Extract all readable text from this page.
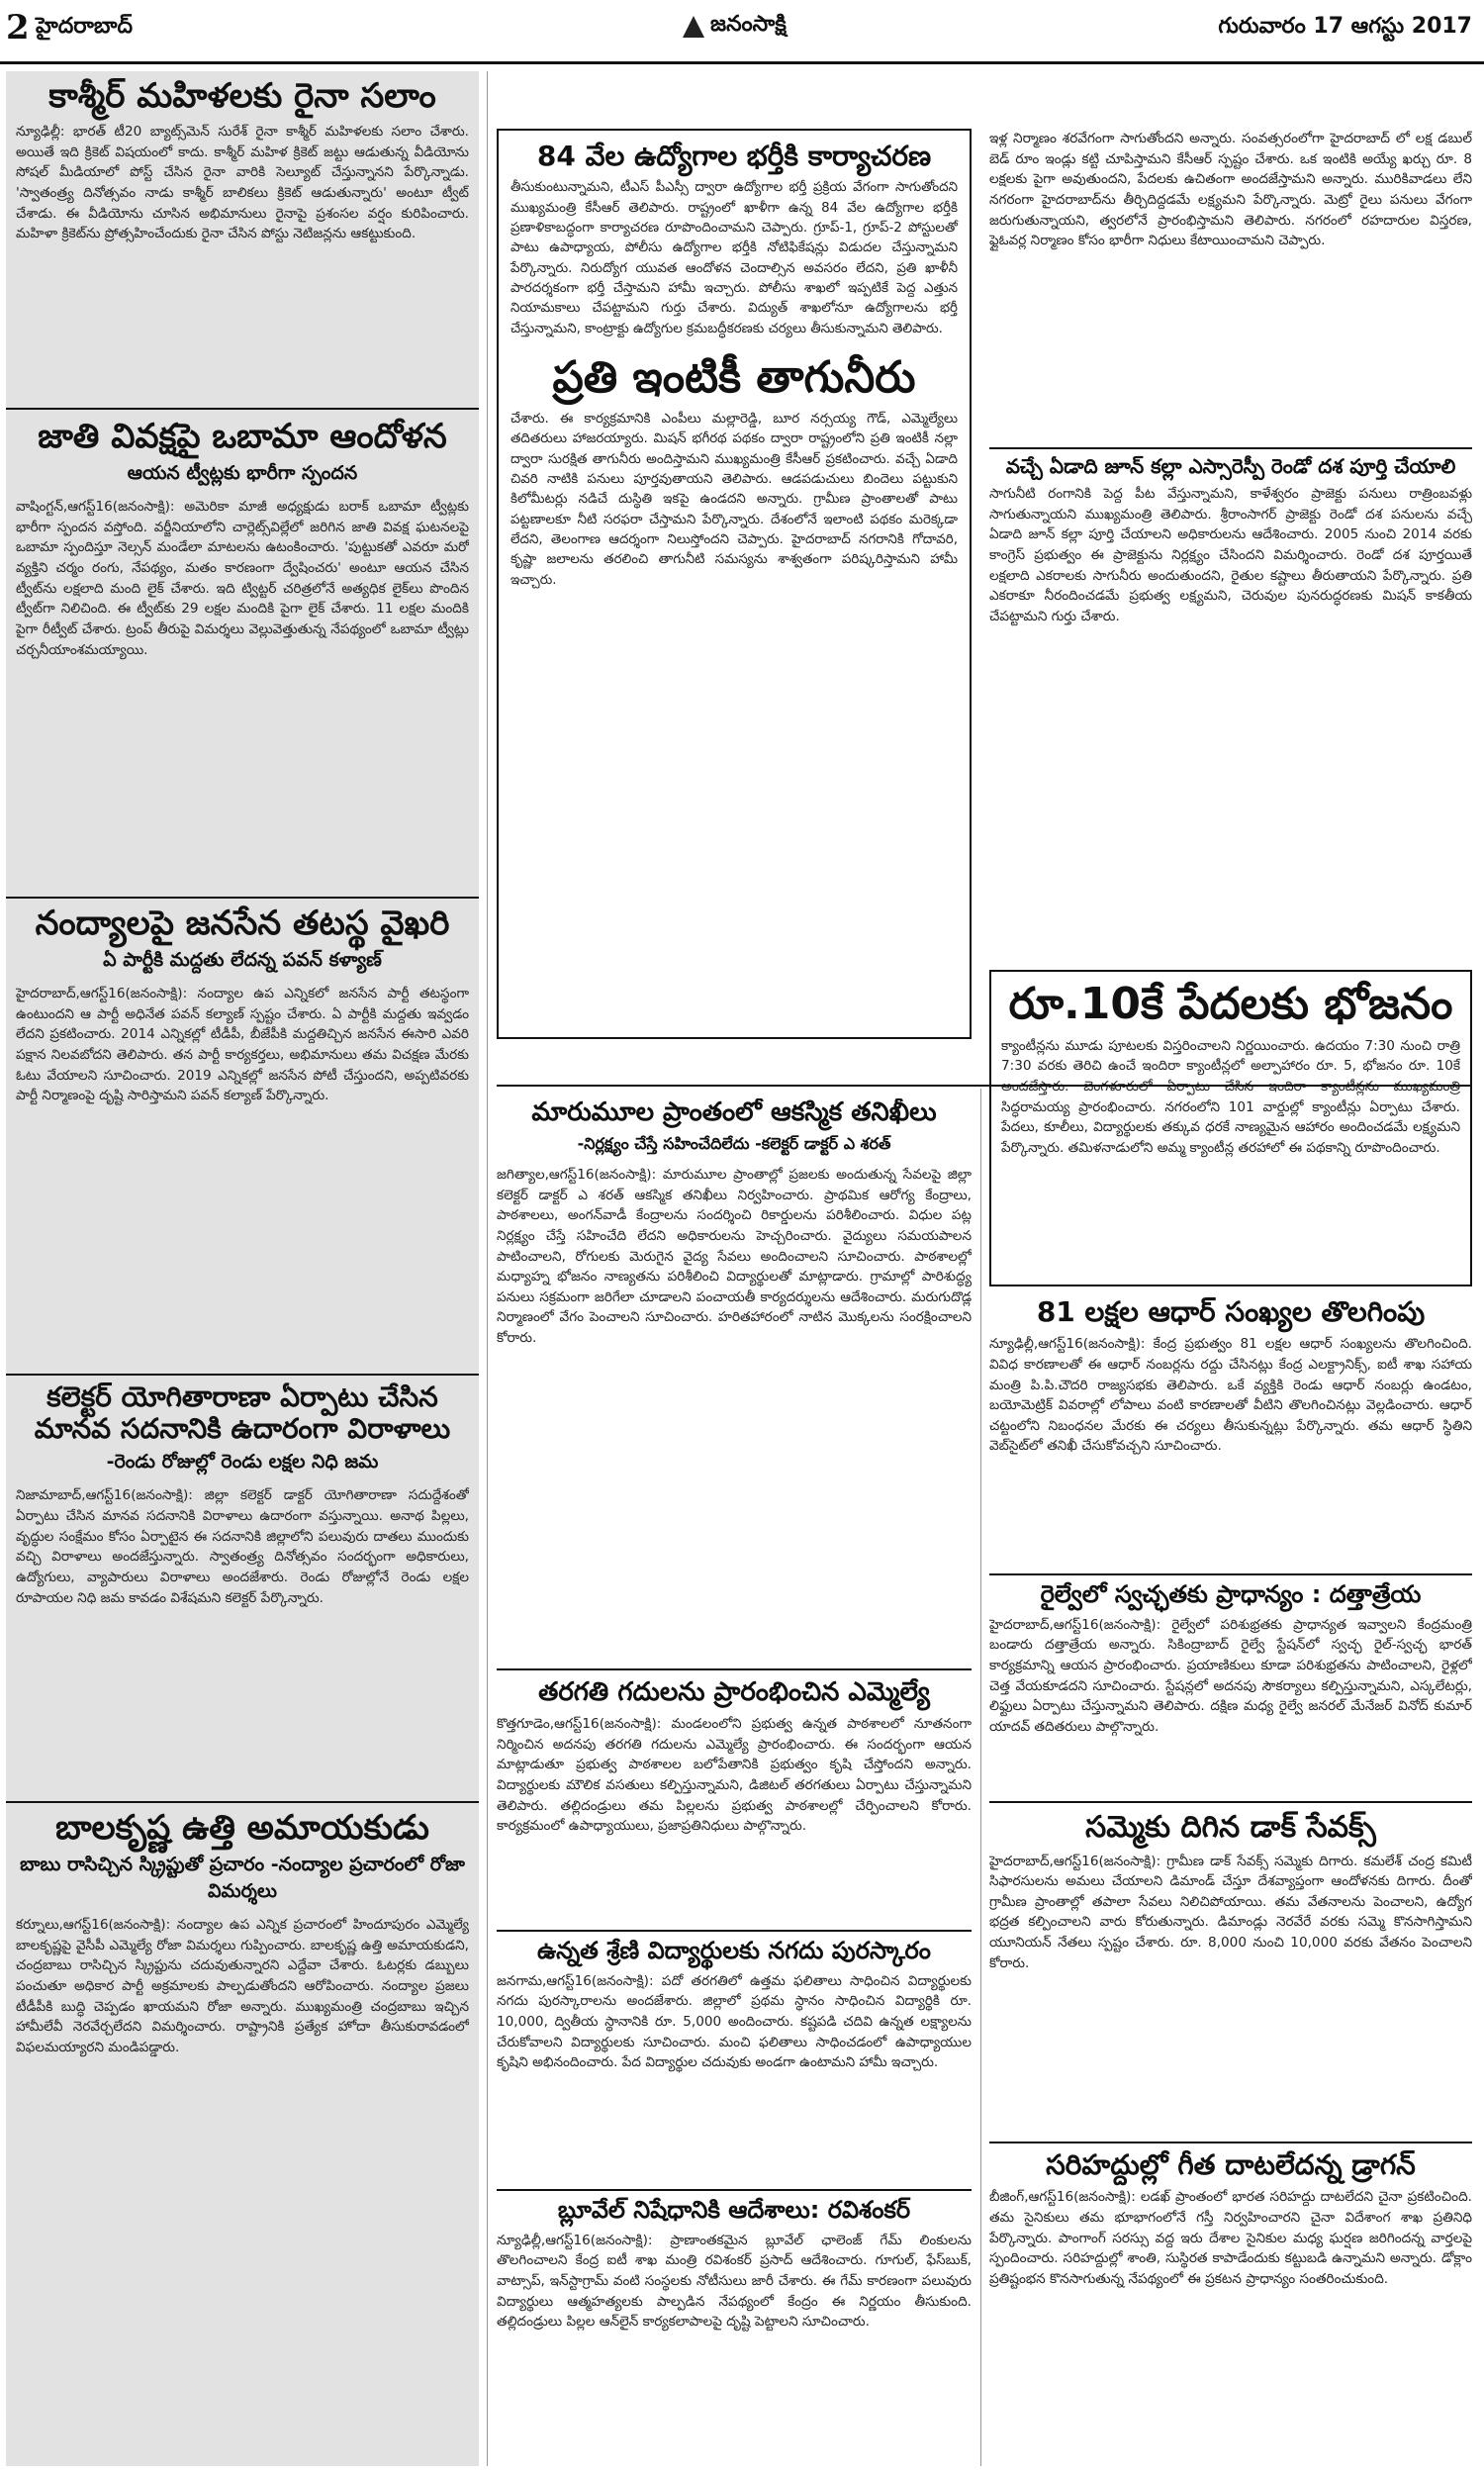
2 హైదరాబాద్	జనంసాక్షి	గురువారం 17 ఆగస్టు 2017
కాశ్మీర్ మహిళలకు రైనా సలాం
న్యూఢిల్లీ: భారత్ టీ20 బ్యాట్స్‌మెన్ సురేశ్ రైనా కాశ్మీర్ మహిళలకు సలాం చేశారు. అయితే ఇది క్రికెట్ విషయంలో కాదు. కాశ్మీర్ మహిళ క్రికెట్ జట్టు ఆడుతున్న వీడియోను సోషల్ మీడియాలో పోస్ట్ చేసిన రైనా వారికి సెల్యూట్ చేస్తున్నానని పేర్కొన్నాడు. 'స్వాతంత్ర్య దినోత్సవం నాడు కాశ్మీర్ బాలికలు క్రికెట్ ఆడుతున్నారు' అంటూ ట్వీట్ చేశాడు. ఈ వీడియోను చూసిన అభిమానులు రైనాపై ప్రశంసల వర్షం కురిపించారు. మహిళా క్రికెట్‌ను ప్రోత్సహించేందుకు రైనా చేసిన పోస్టు నెటిజన్లను ఆకట్టుకుంది.
జాతి వివక్షపై ఒబామా ఆందోళన
ఆయన ట్వీట్లకు భారీగా స్పందన
వాషింగ్టన్,ఆగస్ట్16(జనంసాక్షి): అమెరికా మాజీ అధ్యక్షుడు బరాక్ ఒబామా ట్వీట్లకు భారీగా స్పందన వస్తోంది. వర్జీనియాలోని చార్లెట్స్‌విల్లేలో జరిగిన జాతి వివక్ష ఘటనలపై ఒబామా స్పందిస్తూ నెల్సన్ మండేలా మాటలను ఉటంకించారు. 'పుట్టుకతో ఎవరూ మరో వ్యక్తిని చర్మం రంగు, నేపథ్యం, మతం కారణంగా ద్వేషించరు' అంటూ ఆయన చేసిన ట్వీట్‌ను లక్షలాది మంది లైక్ చేశారు. ఇది ట్విట్టర్ చరిత్రలోనే అత్యధిక లైక్‌లు పొందిన ట్వీట్‌గా నిలిచింది. ఈ ట్వీట్‌కు 29 లక్షల మందికి పైగా లైక్ చేశారు. 11 లక్షల మందికి పైగా రీట్వీట్ చేశారు. ట్రంప్ తీరుపై విమర్శలు వెల్లువెత్తుతున్న నేపథ్యంలో ఒబామా ట్వీట్లు చర్చనీయాంశమయ్యాయి.
నంద్యాలపై జనసేన తటస్థ వైఖరి
ఏ పార్టీకి మద్దతు లేదన్న పవన్ కళ్యాణ్
హైదరాబాద్,ఆగస్ట్16(జనంసాక్షి): నంద్యాల ఉప ఎన్నికలో జనసేన పార్టీ తటస్థంగా ఉంటుందని ఆ పార్టీ అధినేత పవన్ కల్యాణ్ స్పష్టం చేశారు. ఏ పార్టీకి మద్దతు ఇవ్వడం లేదని ప్రకటించారు. 2014 ఎన్నికల్లో టీడీపీ, బీజేపీకి మద్దతిచ్చిన జనసేన ఈసారి ఎవరి పక్షాన నిలవబోదని తెలిపారు. తన పార్టీ కార్యకర్తలు, అభిమానులు తమ విచక్షణ మేరకు ఓటు వేయాలని సూచించారు. 2019 ఎన్నికల్లో జనసేన పోటీ చేస్తుందని, అప్పటివరకు పార్టీ నిర్మాణంపై దృష్టి సారిస్తామని పవన్ కల్యాణ్ పేర్కొన్నారు.
కలెక్టర్ యోగితారాణా ఏర్పాటు చేసిన మానవ సదనానికి ఉదారంగా విరాళాలు
-రెండు రోజుల్లో రెండు లక్షల నిధి జమ
నిజామాబాద్,ఆగస్ట్16(జనంసాక్షి): జిల్లా కలెక్టర్ డాక్టర్ యోగితారాణా సదుద్దేశంతో ఏర్పాటు చేసిన మానవ సదనానికి విరాళాలు ఉదారంగా వస్తున్నాయి. అనాథ పిల్లలు, వృద్ధుల సంక్షేమం కోసం ఏర్పాటైన ఈ సదనానికి జిల్లాలోని పలువురు దాతలు ముందుకు వచ్చి విరాళాలు అందజేస్తున్నారు. స్వాతంత్ర్య దినోత్సవం సందర్భంగా అధికారులు, ఉద్యోగులు, వ్యాపారులు విరాళాలు అందజేశారు. రెండు రోజుల్లోనే రెండు లక్షల రూపాయల నిధి జమ కావడం విశేషమని కలెక్టర్ పేర్కొన్నారు.
బాలకృష్ణ ఉత్తి అమాయకుడు
బాబు రాసిచ్చిన స్క్రిప్టుతో ప్రచారం -నంద్యాల ప్రచారంలో రోజా విమర్శలు
కర్నూలు,ఆగస్ట్16(జనంసాక్షి): నంద్యాల ఉప ఎన్నిక ప్రచారంలో హిందూపురం ఎమ్మెల్యే బాలకృష్ణపై వైసీపీ ఎమ్మెల్యే రోజా విమర్శలు గుప్పించారు. బాలకృష్ణ ఉత్తి అమాయకుడని, చంద్రబాబు రాసిచ్చిన స్క్రిప్టును చదువుతున్నారని ఎద్దేవా చేశారు. ఓటర్లకు డబ్బులు పంచుతూ అధికార పార్టీ అక్రమాలకు పాల్పడుతోందని ఆరోపించారు. నంద్యాల ప్రజలు టీడీపీకి బుద్ధి చెప్పడం ఖాయమని రోజా అన్నారు. ముఖ్యమంత్రి చంద్రబాబు ఇచ్చిన హామీలేవీ నెరవేర్చలేదని విమర్శించారు. రాష్ట్రానికి ప్రత్యేక హోదా తీసుకురావడంలో విఫలమయ్యారని మండిపడ్డారు.
84 వేల ఉద్యోగాల భర్తీకి కార్యాచరణ
తీసుకుంటున్నామని, టీఎస్ పీఎస్సీ ద్వారా ఉద్యోగాల భర్తీ ప్రక్రియ వేగంగా సాగుతోందని ముఖ్యమంత్రి కేసీఆర్ తెలిపారు. రాష్ట్రంలో ఖాళీగా ఉన్న 84 వేల ఉద్యోగాల భర్తీకి ప్రణాళికాబద్ధంగా కార్యాచరణ రూపొందించామని చెప్పారు. గ్రూప్-1, గ్రూప్-2 పోస్టులతో పాటు ఉపాధ్యాయ, పోలీసు ఉద్యోగాల భర్తీకి నోటిఫికేషన్లు విడుదల చేస్తున్నామని పేర్కొన్నారు. నిరుద్యోగ యువత ఆందోళన చెందాల్సిన అవసరం లేదని, ప్రతి ఖాళీనీ పారదర్శకంగా భర్తీ చేస్తామని హామీ ఇచ్చారు. పోలీసు శాఖలో ఇప్పటికే పెద్ద ఎత్తున నియామకాలు చేపట్టామని గుర్తు చేశారు. విద్యుత్ శాఖలోనూ ఉద్యోగాలను భర్తీ చేస్తున్నామని, కాంట్రాక్టు ఉద్యోగుల క్రమబద్ధీకరణకు చర్యలు తీసుకున్నామని తెలిపారు.
ప్రతి ఇంటికీ తాగునీరు
చేశారు. ఈ కార్యక్రమానికి ఎంపీలు మల్లారెడ్డి, బూర నర్సయ్య గౌడ్, ఎమ్మెల్యేలు తదితరులు హాజరయ్యారు. మిషన్ భగీరథ పథకం ద్వారా రాష్ట్రంలోని ప్రతి ఇంటికీ నల్లా ద్వారా సురక్షిత తాగునీరు అందిస్తామని ముఖ్యమంత్రి కేసీఆర్ ప్రకటించారు. వచ్చే ఏడాది చివరి నాటికి పనులు పూర్తవుతాయని తెలిపారు. ఆడపడుచులు బిందెలు పట్టుకుని కిలోమీటర్లు నడిచే దుస్థితి ఇకపై ఉండదని అన్నారు. గ్రామీణ ప్రాంతాలతో పాటు పట్టణాలకూ నీటి సరఫరా చేస్తామని పేర్కొన్నారు. దేశంలోనే ఇలాంటి పథకం మరెక్కడా లేదని, తెలంగాణ ఆదర్శంగా నిలుస్తోందని చెప్పారు. హైదరాబాద్ నగరానికి గోదావరి, కృష్ణా జలాలను తరలించి తాగునీటి సమస్యను శాశ్వతంగా పరిష్కరిస్తామని హామీ ఇచ్చారు.
ఇళ్ల నిర్మాణం శరవేగంగా సాగుతోందని అన్నారు. సంవత్సరంలోగా హైదరాబాద్ లో లక్ష డబుల్ బెడ్ రూం ఇండ్లు కట్టి చూపిస్తామని కేసీఆర్ స్పష్టం చేశారు. ఒక ఇంటికి అయ్యే ఖర్చు రూ. 8 లక్షలకు పైగా అవుతుందని, పేదలకు ఉచితంగా అందజేస్తామని అన్నారు. మురికివాడలు లేని నగరంగా హైదరాబాద్‌ను తీర్చిదిద్దడమే లక్ష్యమని పేర్కొన్నారు. మెట్రో రైలు పనులు వేగంగా జరుగుతున్నాయని, త్వరలోనే ప్రారంభిస్తామని తెలిపారు. నగరంలో రహదారుల విస్తరణ, ఫ్లైఓవర్ల నిర్మాణం కోసం భారీగా నిధులు కేటాయించామని చెప్పారు.
వచ్చే ఏడాది జూన్ కల్లా ఎస్సారెస్పీ రెండో దశ పూర్తి చేయాలి
సాగునీటి రంగానికి పెద్ద పీట వేస్తున్నామని, కాళేశ్వరం ప్రాజెక్టు పనులు రాత్రింబవళ్లు సాగుతున్నాయని ముఖ్యమంత్రి తెలిపారు. శ్రీరాంసాగర్ ప్రాజెక్టు రెండో దశ పనులను వచ్చే ఏడాది జూన్ కల్లా పూర్తి చేయాలని అధికారులను ఆదేశించారు. 2005 నుంచి 2014 వరకు కాంగ్రెస్ ప్రభుత్వం ఈ ప్రాజెక్టును నిర్లక్ష్యం చేసిందని విమర్శించారు. రెండో దశ పూర్తయితే లక్షలాది ఎకరాలకు సాగునీరు అందుతుందని, రైతుల కష్టాలు తీరుతాయని పేర్కొన్నారు. ప్రతి ఎకరాకూ నీరందించడమే ప్రభుత్వ లక్ష్యమని, చెరువుల పునరుద్ధరణకు మిషన్ కాకతీయ చేపట్టామని గుర్తు చేశారు.
రూ.10కే పేదలకు భోజనం
క్యాంటీన్లను మూడు పూటలకు విస్తరించాలని నిర్ణయించారు. ఉదయం 7:30 నుంచి రాత్రి 7:30 వరకు తెరిచి ఉంచే ఇందిరా క్యాంటీన్లలో అల్పాహారం రూ. 5, భోజనం రూ. 10కే సిద్ధరామయ్య ప్రారంభించారు. నగరంలోని 101 వార్డుల్లో క్యాంటీన్లు ఏర్పాటు చేశారు. పేదలు, కూలీలు, విద్యార్థులకు తక్కువ ధరకే నాణ్యమైన ఆహారం అందించడమే లక్ష్యమని పేర్కొన్నారు. తమిళనాడులోని అమ్మ క్యాంటీన్ల తరహాలో ఈ పథకాన్ని రూపొందించారు.
మారుమూల ప్రాంతంలో ఆకస్మిక తనిఖీలు
-నిర్లక్ష్యం చేస్తే సహించేదిలేదు -కలెక్టర్ డాక్టర్ ఎ శరత్
జగిత్యాల,ఆగస్ట్16(జనంసాక్షి): మారుమూల ప్రాంతాల్లో ప్రజలకు అందుతున్న సేవలపై జిల్లా కలెక్టర్ డాక్టర్ ఎ శరత్ ఆకస్మిక తనిఖీలు నిర్వహించారు. ప్రాథమిక ఆరోగ్య కేంద్రాలు, పాఠశాలలు, అంగన్‌వాడీ కేంద్రాలను సందర్శించి రికార్డులను పరిశీలించారు. విధుల పట్ల నిర్లక్ష్యం చేస్తే సహించేది లేదని అధికారులను హెచ్చరించారు. వైద్యులు సమయపాలన పాటించాలని, రోగులకు మెరుగైన వైద్య సేవలు అందించాలని సూచించారు. పాఠశాలల్లో మధ్యాహ్న భోజనం నాణ్యతను పరిశీలించి విద్యార్థులతో మాట్లాడారు. గ్రామాల్లో పారిశుద్ధ్య పనులు సక్రమంగా జరిగేలా చూడాలని పంచాయతీ కార్యదర్శులను ఆదేశించారు. మరుగుదొడ్ల నిర్మాణంలో వేగం పెంచాలని సూచించారు. హరితహారంలో నాటిన మొక్కలను సంరక్షించాలని కోరారు.
తరగతి గదులను ప్రారంభించిన ఎమ్మెల్యే
కొత్తగూడెం,ఆగస్ట్16(జనంసాక్షి): మండలంలోని ప్రభుత్వ ఉన్నత పాఠశాలలో నూతనంగా నిర్మించిన అదనపు తరగతి గదులను ఎమ్మెల్యే ప్రారంభించారు. ఈ సందర్భంగా ఆయన మాట్లాడుతూ ప్రభుత్వ పాఠశాలల బలోపేతానికి ప్రభుత్వం కృషి చేస్తోందని అన్నారు. విద్యార్థులకు మౌలిక వసతులు కల్పిస్తున్నామని, డిజిటల్ తరగతులు ఏర్పాటు చేస్తున్నామని తెలిపారు. తల్లిదండ్రులు తమ పిల్లలను ప్రభుత్వ పాఠశాలల్లో చేర్పించాలని కోరారు. కార్యక్రమంలో ఉపాధ్యాయులు, ప్రజాప్రతినిధులు పాల్గొన్నారు.
ఉన్నత శ్రేణి విద్యార్థులకు నగదు పురస్కారం
జనగామ,ఆగస్ట్16(జనంసాక్షి): పదో తరగతిలో ఉత్తమ ఫలితాలు సాధించిన విద్యార్థులకు నగదు పురస్కారాలను అందజేశారు. జిల్లాలో ప్రథమ స్థానం సాధించిన విద్యార్థికి రూ. 10,000, ద్వితీయ స్థానానికి రూ. 5,000 అందించారు. కష్టపడి చదివి ఉన్నత లక్ష్యాలను చేరుకోవాలని విద్యార్థులకు సూచించారు. మంచి ఫలితాలు సాధించడంలో ఉపాధ్యాయుల కృషిని అభినందించారు. పేద విద్యార్థుల చదువుకు అండగా ఉంటామని హామీ ఇచ్చారు.
బ్లూవేల్ నిషేధానికి ఆదేశాలు: రవిశంకర్
న్యూఢిల్లీ,ఆగస్ట్16(జనంసాక్షి): ప్రాణాంతకమైన బ్లూవేల్ ఛాలెంజ్ గేమ్ లింకులను తొలగించాలని కేంద్ర ఐటీ శాఖ మంత్రి రవిశంకర్ ప్రసాద్ ఆదేశించారు. గూగుల్, ఫేస్‌బుక్, వాట్సాప్, ఇన్‌స్టాగ్రామ్ వంటి సంస్థలకు నోటీసులు జారీ చేశారు. ఈ గేమ్ కారణంగా పలువురు విద్యార్థులు ఆత్మహత్యలకు పాల్పడిన నేపథ్యంలో కేంద్రం ఈ నిర్ణయం తీసుకుంది. తల్లిదండ్రులు పిల్లల ఆన్‌లైన్ కార్యకలాపాలపై దృష్టి పెట్టాలని సూచించారు.
81 లక్షల ఆధార్ సంఖ్యల తొలగింపు
న్యూఢిల్లీ,ఆగస్ట్16(జనంసాక్షి): కేంద్ర ప్రభుత్వం 81 లక్షల ఆధార్ సంఖ్యలను తొలగించింది. వివిధ కారణాలతో ఈ ఆధార్ నంబర్లను రద్దు చేసినట్లు కేంద్ర ఎలక్ట్రానిక్స్, ఐటీ శాఖ సహాయ మంత్రి పి.పి.చౌదరి రాజ్యసభకు తెలిపారు. ఒకే వ్యక్తికి రెండు ఆధార్ నంబర్లు ఉండటం, బయోమెట్రిక్ వివరాల్లో లోపాలు వంటి కారణాలతో వీటిని తొలగించినట్లు వెల్లడించారు. ఆధార్ చట్టంలోని నిబంధనల మేరకు ఈ చర్యలు తీసుకున్నట్లు పేర్కొన్నారు. తమ ఆధార్ స్థితిని వెబ్‌సైట్‌లో తనిఖీ చేసుకోవచ్చని సూచించారు.
రైల్వేలో స్వచ్ఛతకు ప్రాధాన్యం : దత్తాత్రేయ
హైదరాబాద్,ఆగస్ట్16(జనంసాక్షి): రైల్వేలో పరిశుభ్రతకు ప్రాధాన్యత ఇవ్వాలని కేంద్రమంత్రి బండారు దత్తాత్రేయ అన్నారు. సికింద్రాబాద్ రైల్వే స్టేషన్‌లో స్వచ్ఛ రైల్-స్వచ్ఛ భారత్ కార్యక్రమాన్ని ఆయన ప్రారంభించారు. ప్రయాణికులు కూడా పరిశుభ్రతను పాటించాలని, రైళ్లలో చెత్త వేయకూడదని సూచించారు. స్టేషన్లలో అదనపు సౌకర్యాలు కల్పిస్తున్నామని, ఎస్కలేటర్లు, లిఫ్టులు ఏర్పాటు చేస్తున్నామని తెలిపారు. దక్షిణ మధ్య రైల్వే జనరల్ మేనేజర్ వినోద్ కుమార్ యాదవ్ తదితరులు పాల్గొన్నారు.
సమ్మెకు దిగిన డాక్ సేవక్స్
హైదరాబాద్,ఆగస్ట్16(జనంసాక్షి): గ్రామీణ డాక్ సేవక్స్ సమ్మెకు దిగారు. కమలేశ్ చంద్ర కమిటీ సిఫారసులను అమలు చేయాలని డిమాండ్ చేస్తూ దేశవ్యాప్తంగా ఆందోళనకు దిగారు. దీంతో గ్రామీణ ప్రాంతాల్లో తపాలా సేవలు నిలిచిపోయాయి. తమ వేతనాలను పెంచాలని, ఉద్యోగ భద్రత కల్పించాలని వారు కోరుతున్నారు. డిమాండ్లు నెరవేరే వరకు సమ్మె కొనసాగిస్తామని యూనియన్ నేతలు స్పష్టం చేశారు. రూ. 8,000 నుంచి 10,000 వరకు వేతనం పెంచాలని కోరారు.
సరిహద్దుల్లో గీత దాటలేదన్న డ్రాగన్
బీజింగ్,ఆగస్ట్16(జనంసాక్షి): లడఖ్ ప్రాంతంలో భారత సరిహద్దు దాటలేదని చైనా ప్రకటించింది. తమ సైనికులు తమ భూభాగంలోనే గస్తీ నిర్వహించారని చైనా విదేశాంగ శాఖ ప్రతినిధి పేర్కొన్నారు. పాంగాంగ్ సరస్సు వద్ద ఇరు దేశాల సైనికుల మధ్య ఘర్షణ జరిగిందన్న వార్తలపై స్పందించారు. సరిహద్దుల్లో శాంతి, సుస్థిరత కాపాడేందుకు కట్టుబడి ఉన్నామని అన్నారు. డోక్లాం ప్రతిష్టంభన కొనసాగుతున్న నేపథ్యంలో ఈ ప్రకటన ప్రాధాన్యం సంతరించుకుంది.
